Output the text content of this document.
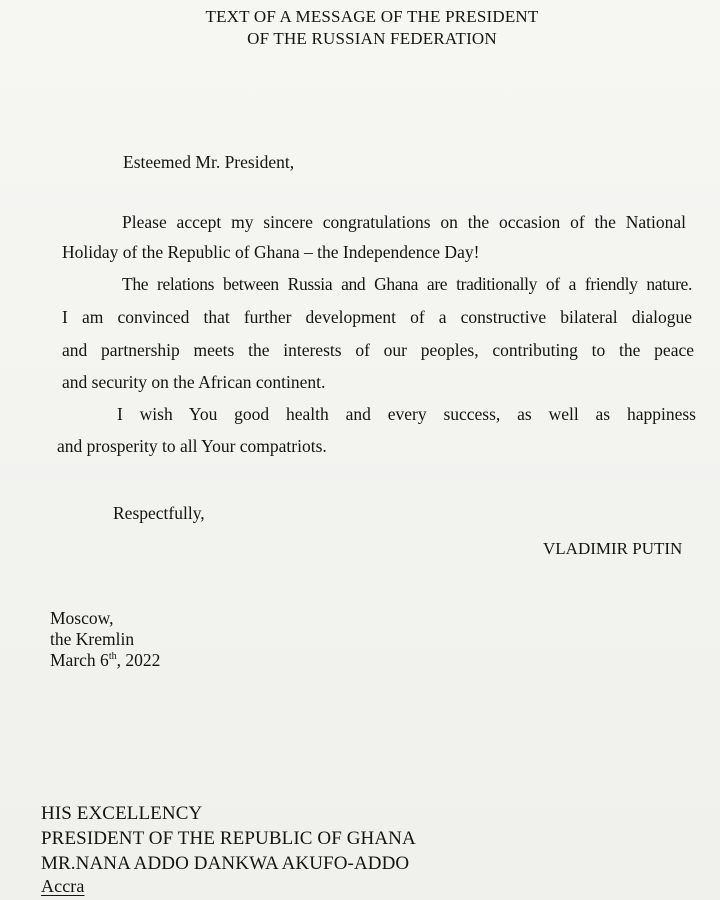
TEXT OF A MESSAGE OF THE PRESIDENT
OF THE RUSSIAN FEDERATION
Esteemed Mr. President,
Please accept my sincere congratulations on the occasion of the National
Holiday of the Republic of Ghana – the Independence Day!
The relations between Russia and Ghana are traditionally of a friendly nature.
I am convinced that further development of a constructive bilateral dialogue
and partnership meets the interests of our peoples, contributing to the peace
and security on the African continent.
I wish You good health and every success, as well as happiness
and prosperity to all Your compatriots.
Respectfully,
VLADIMIR PUTIN
Moscow,
the Kremlin
March 6th, 2022
HIS EXCELLENCY
PRESIDENT OF THE REPUBLIC OF GHANA
MR.NANA ADDO DANKWA AKUFO-ADDO
Accra
